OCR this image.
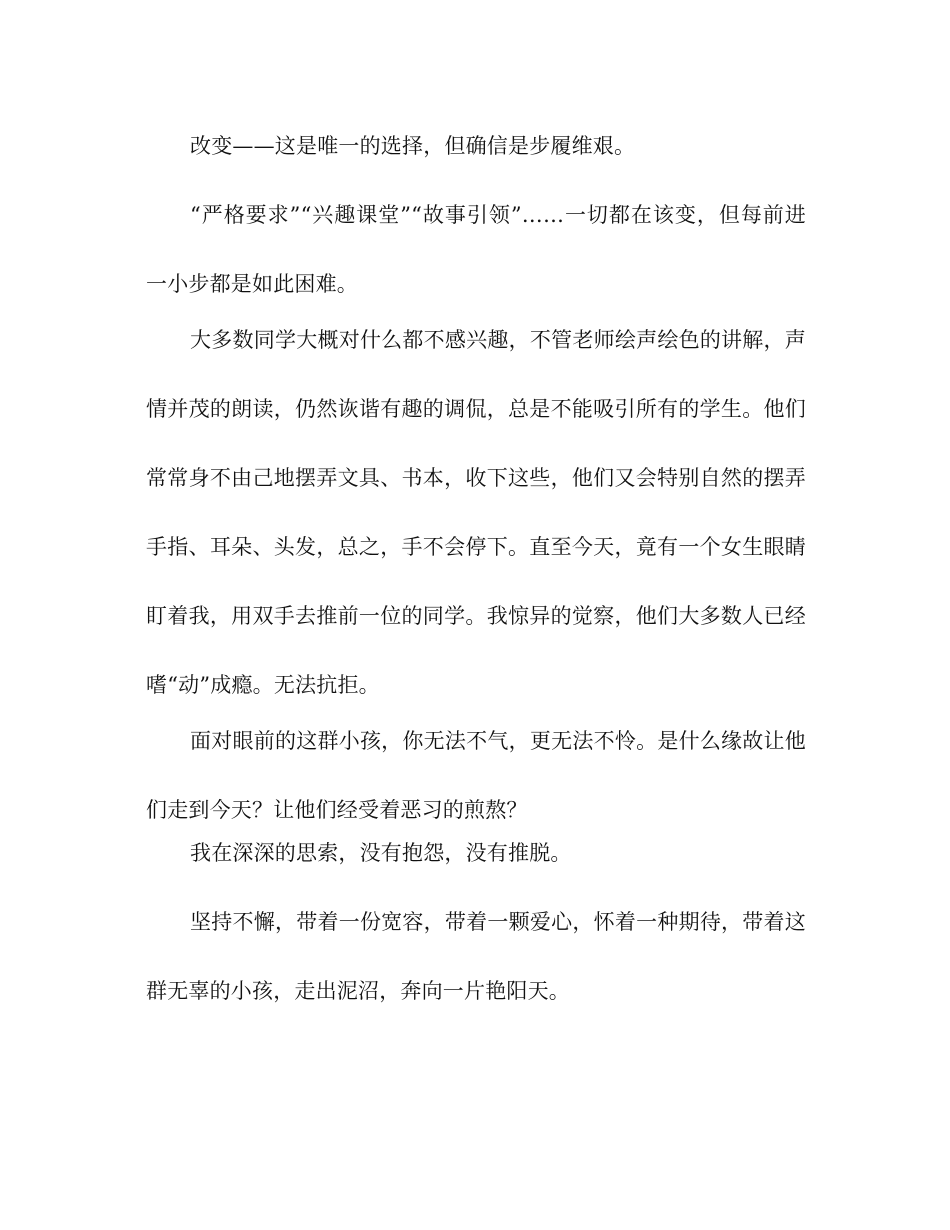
改变——这是唯一的选择，但确信是步履维艰。

“严格要求”“兴趣课堂”“故事引领”……一切都在该变，但每前进一小步都是如此困难。

大多数同学大概对什么都不感兴趣，不管老师绘声绘色的讲解，声情并茂的朗读，仍然诙谐有趣的调侃，总是不能吸引所有的学生。他们常常身不由己地摆弄文具、书本，收下这些，他们又会特别自然的摆弄手指、耳朵、头发，总之，手不会停下。直至今天，竟有一个女生眼睛盯着我，用双手去推前一位的同学。我惊异的觉察，他们大多数人已经嗜“动”成瘾。无法抗拒。

面对眼前的这群小孩，你无法不气，更无法不怜。是什么缘故让他们走到今天？让他们经受着恶习的煎熬？

我在深深的思索，没有抱怨，没有推脱。

坚持不懈，带着一份宽容，带着一颗爱心，怀着一种期待，带着这群无辜的小孩，走出泥沼，奔向一片艳阳天。
